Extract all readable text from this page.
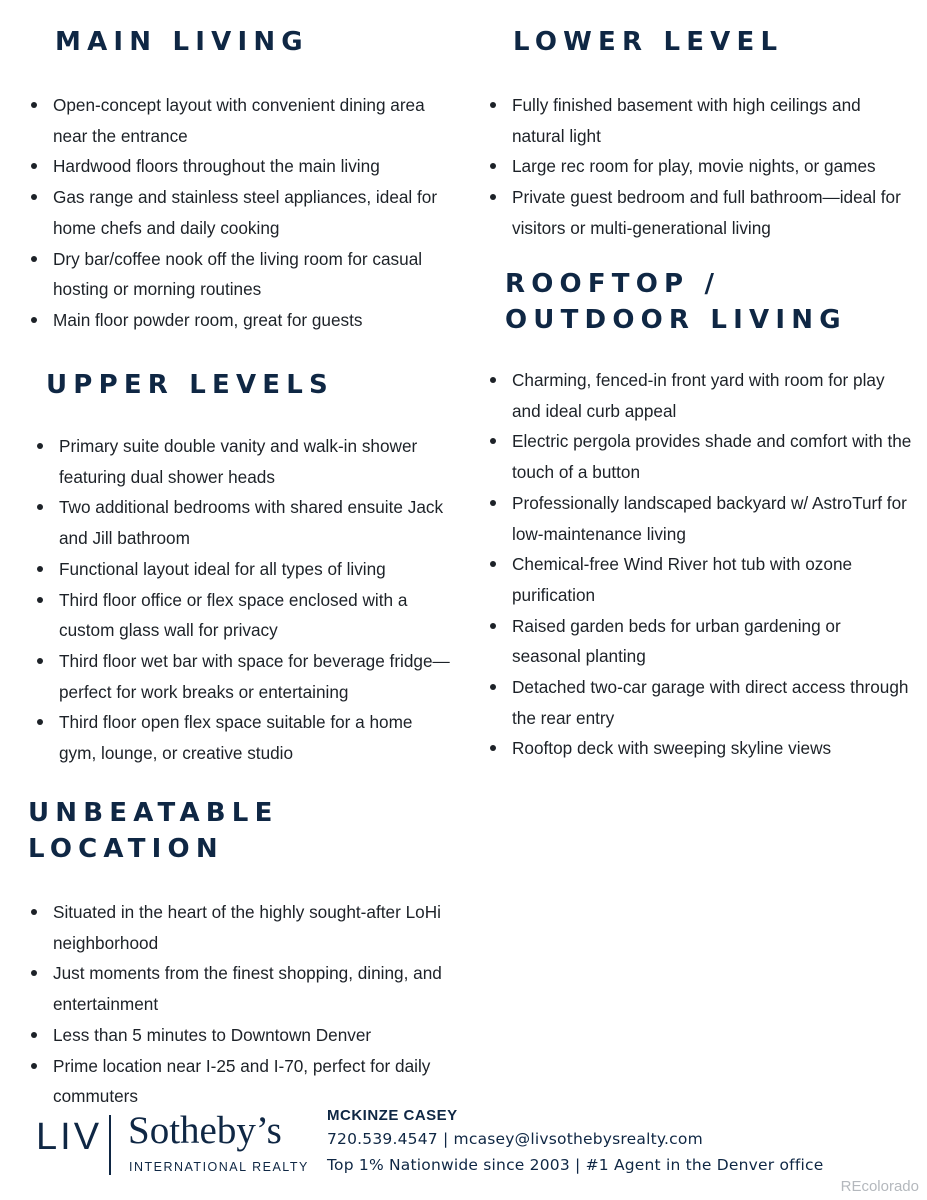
MAIN LIVING
Open-concept layout with convenient dining area near the entrance
Hardwood floors throughout the main living
Gas range and stainless steel appliances, ideal for home chefs and daily cooking
Dry bar/coffee nook off the living room for casual hosting or morning routines
Main floor powder room, great for guests
LOWER LEVEL
Fully finished basement with high ceilings and natural light
Large rec room for play, movie nights, or games
Private guest bedroom and full bathroom—ideal for visitors or multi-generational living
ROOFTOP / OUTDOOR LIVING
Charming, fenced-in front yard with room for play and ideal curb appeal
Electric pergola provides shade and comfort with the touch of a button
Professionally landscaped backyard w/ AstroTurf for low-maintenance living
Chemical-free Wind River hot tub with ozone purification
Raised garden beds for urban gardening or seasonal planting
Detached two-car garage with direct access through the rear entry
Rooftop deck with sweeping skyline views
UPPER LEVELS
Primary suite double vanity and walk-in shower featuring dual shower heads
Two additional bedrooms with shared ensuite Jack and Jill bathroom
Functional layout ideal for all types of living
Third floor office or flex space enclosed with a custom glass wall for privacy
Third floor wet bar with space for beverage fridge—perfect for work breaks or entertaining
Third floor open flex space suitable for a home gym, lounge, or creative studio
UNBEATABLE LOCATION
Situated in the heart of the highly sought-after LoHi neighborhood
Just moments from the finest shopping, dining, and entertainment
Less than 5 minutes to Downtown Denver
Prime location near I-25 and I-70, perfect for daily commuters
LIV Sotheby’s
INTERNATIONAL REALTY
MCKINZE CASEY
720.539.4547 | mcasey@livsothebysrealty.com
Top 1% Nationwide since 2003 | #1 Agent in the Denver office
REcolorado
